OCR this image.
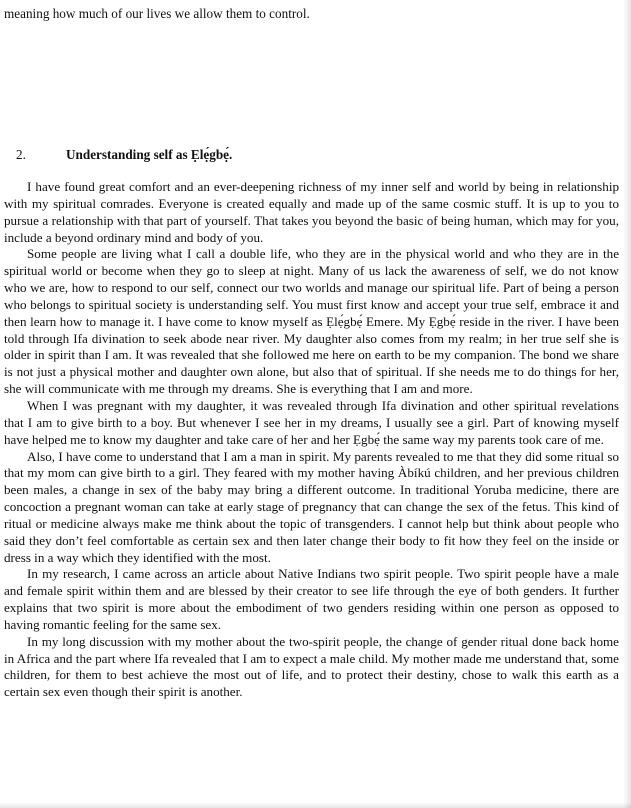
meaning how much of our lives we allow them to control.
2.	Understanding self as Ẹlẹ́gbẹ́.

I have found great comfort and an ever-deepening richness of my inner self and world by being in relationship with my spiritual comrades. Everyone is created equally and made up of the same cosmic stuff. It is up to you to pursue a relationship with that part of yourself. That takes you beyond the basic of being human, which may for you, include a beyond ordinary mind and body of you.

Some people are living what I call a double life, who they are in the physical world and who they are in the spiritual world or become when they go to sleep at night. Many of us lack the awareness of self, we do not know who we are, how to respond to our self, connect our two worlds and manage our spiritual life. Part of being a person who belongs to spiritual society is understanding self. You must first know and accept your true self, embrace it and then learn how to manage it. I have come to know myself as Ẹlẹ́gbẹ́ Emere. My Ẹgbẹ́ reside in the river. I have been told through Ifa divination to seek abode near river. My daughter also comes from my realm; in her true self she is older in spirit than I am. It was revealed that she followed me here on earth to be my companion. The bond we share is not just a physical mother and daughter own alone, but also that of spiritual. If she needs me to do things for her, she will communicate with me through my dreams. She is everything that I am and more.

When I was pregnant with my daughter, it was revealed through Ifa divination and other spiritual revelations that I am to give birth to a boy. But whenever I see her in my dreams, I usually see a girl. Part of knowing myself have helped me to know my daughter and take care of her and her Ẹgbẹ́ the same way my parents took care of me.

Also, I have come to understand that I am a man in spirit. My parents revealed to me that they did some ritual so that my mom can give birth to a girl. They feared with my mother having Àbíkú children, and her previous children been males, a change in sex of the baby may bring a different outcome. In traditional Yoruba medicine, there are concoction a pregnant woman can take at early stage of pregnancy that can change the sex of the fetus. This kind of ritual or medicine always make me think about the topic of transgenders. I cannot help but think about people who said they don’t feel comfortable as certain sex and then later change their body to fit how they feel on the inside or dress in a way which they identified with the most.

In my research, I came across an article about Native Indians two spirit people. Two spirit people have a male and female spirit within them and are blessed by their creator to see life through the eye of both genders. It further explains that two spirit is more about the embodiment of two genders residing within one person as opposed to having romantic feeling for the same sex.

In my long discussion with my mother about the two-spirit people, the change of gender ritual done back home in Africa and the part where Ifa revealed that I am to expect a male child. My mother made me understand that, some children, for them to best achieve the most out of life, and to protect their destiny, chose to walk this earth as a certain sex even though their spirit is another.
